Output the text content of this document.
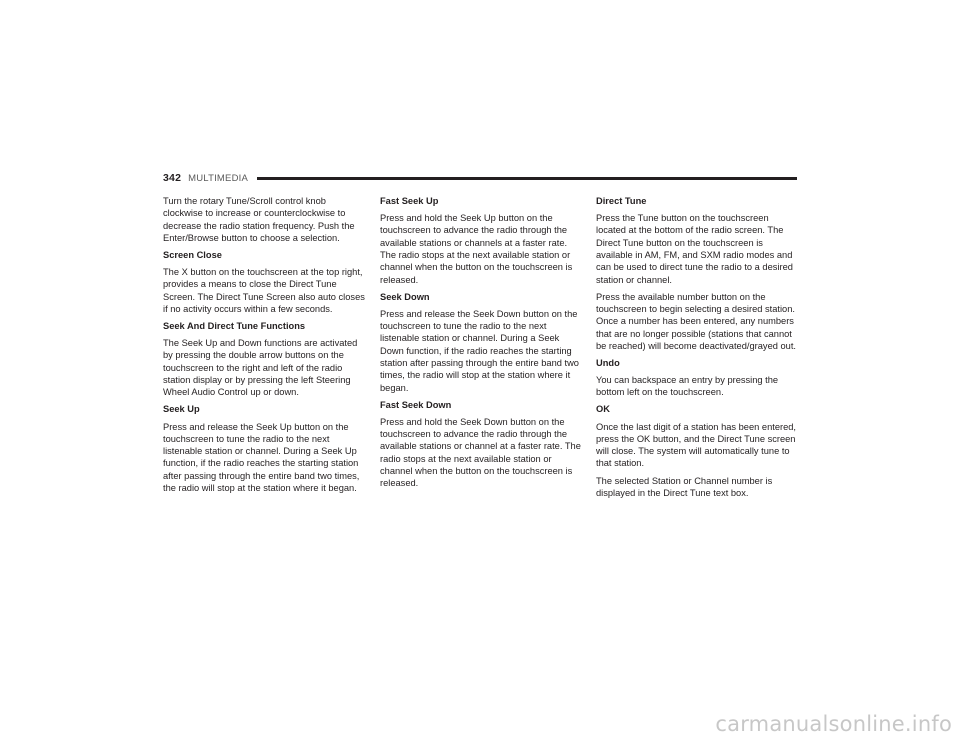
342 MULTIMEDIA

Turn the rotary Tune/Scroll control knob clockwise to increase or counterclockwise to decrease the radio station frequency. Push the Enter/Browse button to choose a selection.

Screen Close

The X button on the touchscreen at the top right, provides a means to close the Direct Tune Screen. The Direct Tune Screen also auto closes if no activity occurs within a few seconds.

Seek And Direct Tune Functions

The Seek Up and Down functions are activated by pressing the double arrow buttons on the touchscreen to the right and left of the radio station display or by pressing the left Steering Wheel Audio Control up or down.

Seek Up

Press and release the Seek Up button on the touchscreen to tune the radio to the next listenable station or channel. During a Seek Up function, if the radio reaches the starting station after passing through the entire band two times, the radio will stop at the station where it began.

Fast Seek Up

Press and hold the Seek Up button on the touchscreen to advance the radio through the available stations or channels at a faster rate. The radio stops at the next available station or channel when the button on the touchscreen is released.

Seek Down

Press and release the Seek Down button on the touchscreen to tune the radio to the next listenable station or channel. During a Seek Down function, if the radio reaches the starting station after passing through the entire band two times, the radio will stop at the station where it began.

Fast Seek Down

Press and hold the Seek Down button on the touchscreen to advance the radio through the available stations or channel at a faster rate. The radio stops at the next available station or channel when the button on the touchscreen is released.

Direct Tune

Press the Tune button on the touchscreen located at the bottom of the radio screen. The Direct Tune button on the touchscreen is available in AM, FM, and SXM radio modes and can be used to direct tune the radio to a desired station or channel.

Press the available number button on the touchscreen to begin selecting a desired station. Once a number has been entered, any numbers that are no longer possible (stations that cannot be reached) will become deactivated/grayed out.

Undo

You can backspace an entry by pressing the bottom left on the touchscreen.

OK

Once the last digit of a station has been entered, press the OK button, and the Direct Tune screen will close. The system will automatically tune to that station.

The selected Station or Channel number is displayed in the Direct Tune text box.

carmanualsonline.info
